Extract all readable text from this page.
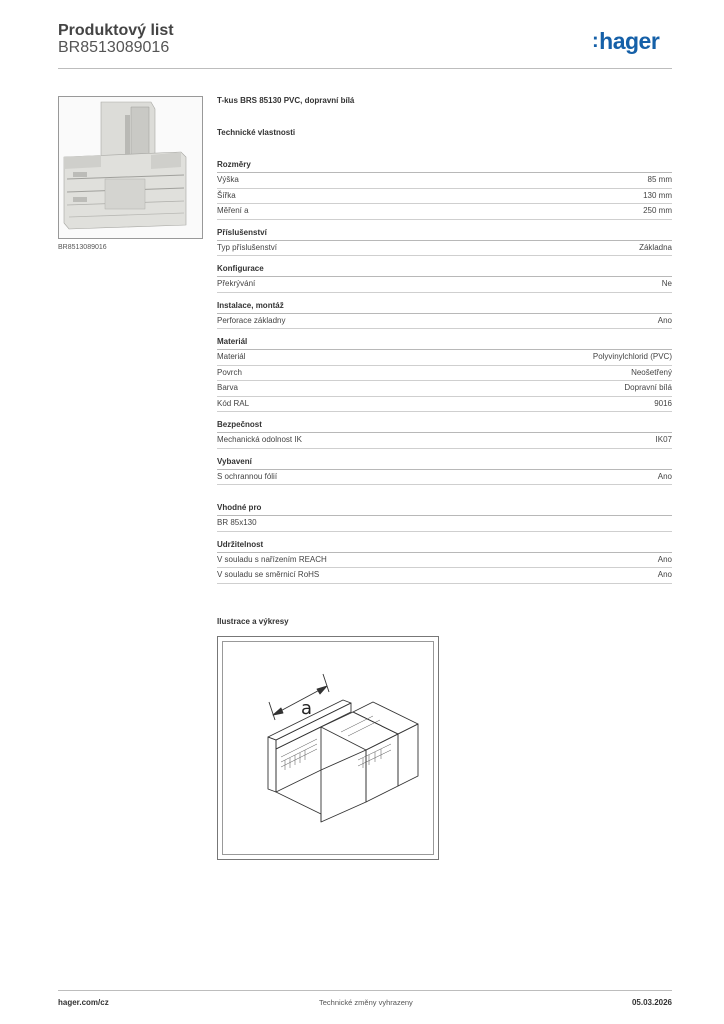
Produktový list
BR8513089016	:hager
BR8513089016
T-kus BRS 85130 PVC, dopravní bílá
Technické vlastnosti
Rozměry
Výška	85 mm
Šířka	130 mm
Měření a	250 mm
Příslušenství
Typ příslušenství	Základna
Konfigurace
Překrývání	Ne
Instalace, montáž
Perforace základny	Ano
Materiál
Materiál	Polyvinylchlorid (PVC)
Povrch	Neošetřený
Barva	Dopravní bílá
Kód RAL	9016
Bezpečnost
Mechanická odolnost IK	IK07
Vybavení
S ochrannou fólií	Ano
Vhodné pro
BR 85x130
Udržitelnost
V souladu s nařízením REACH	Ano
V souladu se směrnicí RoHS	Ano
Ilustrace a výkresy
a
hager.com/cz	Technické změny vyhrazeny	05.03.2026
